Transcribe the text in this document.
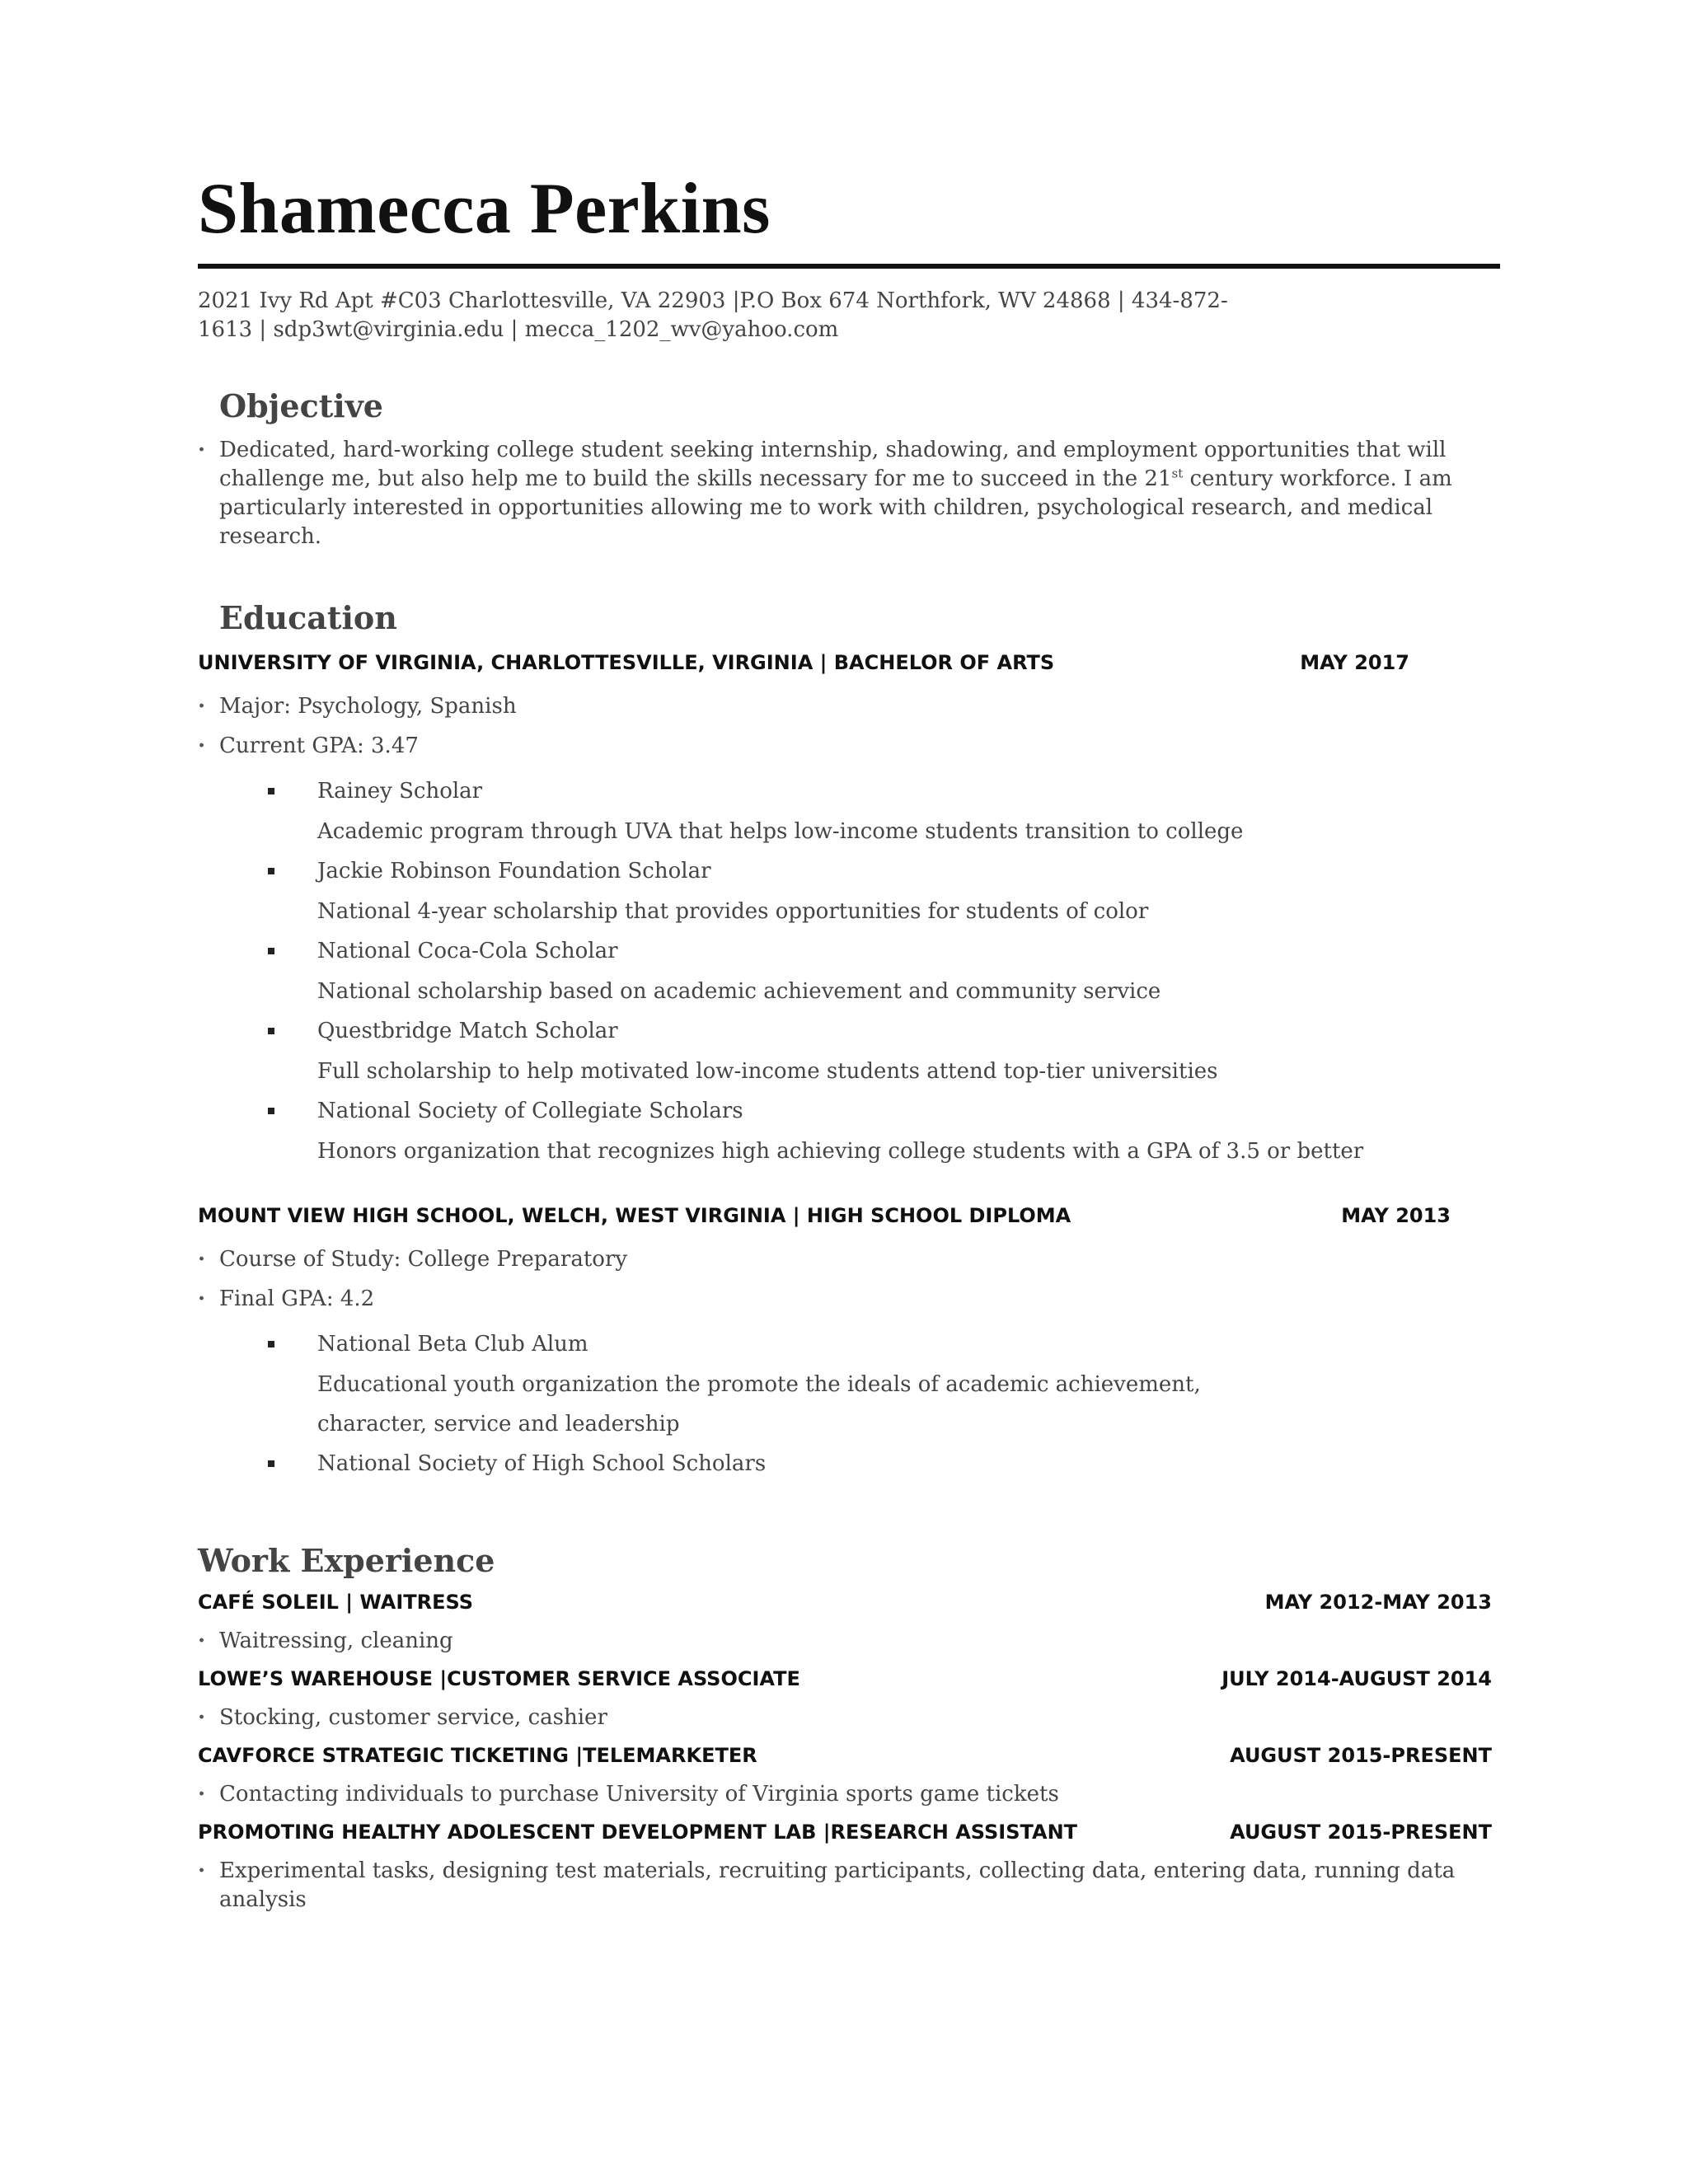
Shamecca Perkins
2021 Ivy Rd Apt #C03 Charlottesville, VA 22903 |P.O Box 674 Northfork, WV 24868 | 434-872-
1613 | sdp3wt@virginia.edu | mecca_1202_wv@yahoo.com
Objective
· Dedicated, hard-working college student seeking internship, shadowing, and employment opportunities that will
challenge me, but also help me to build the skills necessary for me to succeed in the 21st century workforce. I am
particularly interested in opportunities allowing me to work with children, psychological research, and medical
research.
Education
UNIVERSITY OF VIRGINIA, CHARLOTTESVILLE, VIRGINIA | BACHELOR OF ARTS	MAY 2017
· Major: Psychology, Spanish
· Current GPA: 3.47
Rainey Scholar
Academic program through UVA that helps low-income students transition to college
Jackie Robinson Foundation Scholar
National 4-year scholarship that provides opportunities for students of color
National Coca-Cola Scholar
National scholarship based on academic achievement and community service
Questbridge Match Scholar
Full scholarship to help motivated low-income students attend top-tier universities
National Society of Collegiate Scholars
Honors organization that recognizes high achieving college students with a GPA of 3.5 or better
MOUNT VIEW HIGH SCHOOL, WELCH, WEST VIRGINIA | HIGH SCHOOL DIPLOMA	MAY 2013
· Course of Study: College Preparatory
· Final GPA: 4.2
National Beta Club Alum
Educational youth organization the promote the ideals of academic achievement,
character, service and leadership
National Society of High School Scholars
Work Experience
CAFÉ SOLEIL | WAITRESS	MAY 2012-MAY 2013
· Waitressing, cleaning
LOWE’S WAREHOUSE |CUSTOMER SERVICE ASSOCIATE	JULY 2014-AUGUST 2014
· Stocking, customer service, cashier
CAVFORCE STRATEGIC TICKETING |TELEMARKETER	AUGUST 2015-PRESENT
· Contacting individuals to purchase University of Virginia sports game tickets
PROMOTING HEALTHY ADOLESCENT DEVELOPMENT LAB |RESEARCH ASSISTANT	AUGUST 2015-PRESENT
· Experimental tasks, designing test materials, recruiting participants, collecting data, entering data, running data
analysis
